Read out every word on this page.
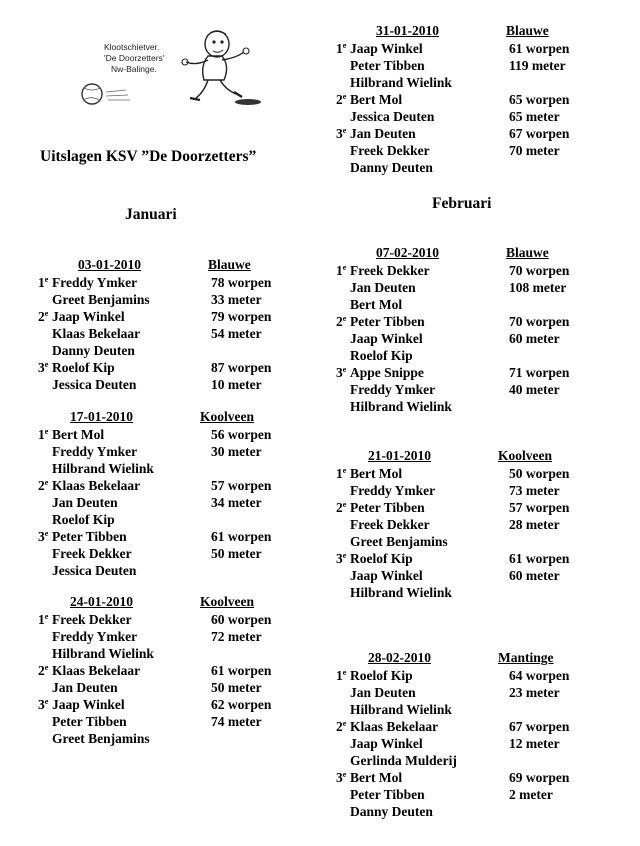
Klootschietver.
'De Doorzetters'
Nw-Balinge.
Uitslagen KSV ”De Doorzetters”
Januari
Februari
03-01-2010	Blauwe
1e Freddy Ymker	78 worpen
Greet Benjamins	33 meter
2e Jaap Winkel	79 worpen
Klaas Bekelaar	54 meter
Danny Deuten
3e Roelof Kip	87 worpen
Jessica Deuten	10 meter
17-01-2010	Koolveen
1e Bert Mol	56 worpen
Freddy Ymker	30 meter
Hilbrand Wielink
2e Klaas Bekelaar	57 worpen
Jan Deuten	34 meter
Roelof Kip
3e Peter Tibben	61 worpen
Freek Dekker	50 meter
Jessica Deuten
24-01-2010	Koolveen
1e Freek Dekker	60 worpen
Freddy Ymker	72 meter
Hilbrand Wielink
2e Klaas Bekelaar	61 worpen
Jan Deuten	50 meter
3e Jaap Winkel	62 worpen
Peter Tibben	74 meter
Greet Benjamins
31-01-2010	Blauwe
1e Jaap Winkel	61 worpen
Peter Tibben	119 meter
Hilbrand Wielink
2e Bert Mol	65 worpen
Jessica Deuten	65 meter
3e Jan Deuten	67 worpen
Freek Dekker	70 meter
Danny Deuten
07-02-2010	Blauwe
1e Freek Dekker	70 worpen
Jan Deuten	108 meter
Bert Mol
2e Peter Tibben	70 worpen
Jaap Winkel	60 meter
Roelof Kip
3e Appe Snippe	71 worpen
Freddy Ymker	40 meter
Hilbrand Wielink
21-01-2010	Koolveen
1e Bert Mol	50 worpen
Freddy Ymker	73 meter
2e Peter Tibben	57 worpen
Freek Dekker	28 meter
Greet Benjamins
3e Roelof Kip	61 worpen
Jaap Winkel	60 meter
Hilbrand Wielink
28-02-2010	Mantinge
1e Roelof Kip	64 worpen
Jan Deuten	23 meter
Hilbrand Wielink
2e Klaas Bekelaar	67 worpen
Jaap Winkel	12 meter
Gerlinda Mulderij
3e Bert Mol	69 worpen
Peter Tibben	2 meter
Danny Deuten
